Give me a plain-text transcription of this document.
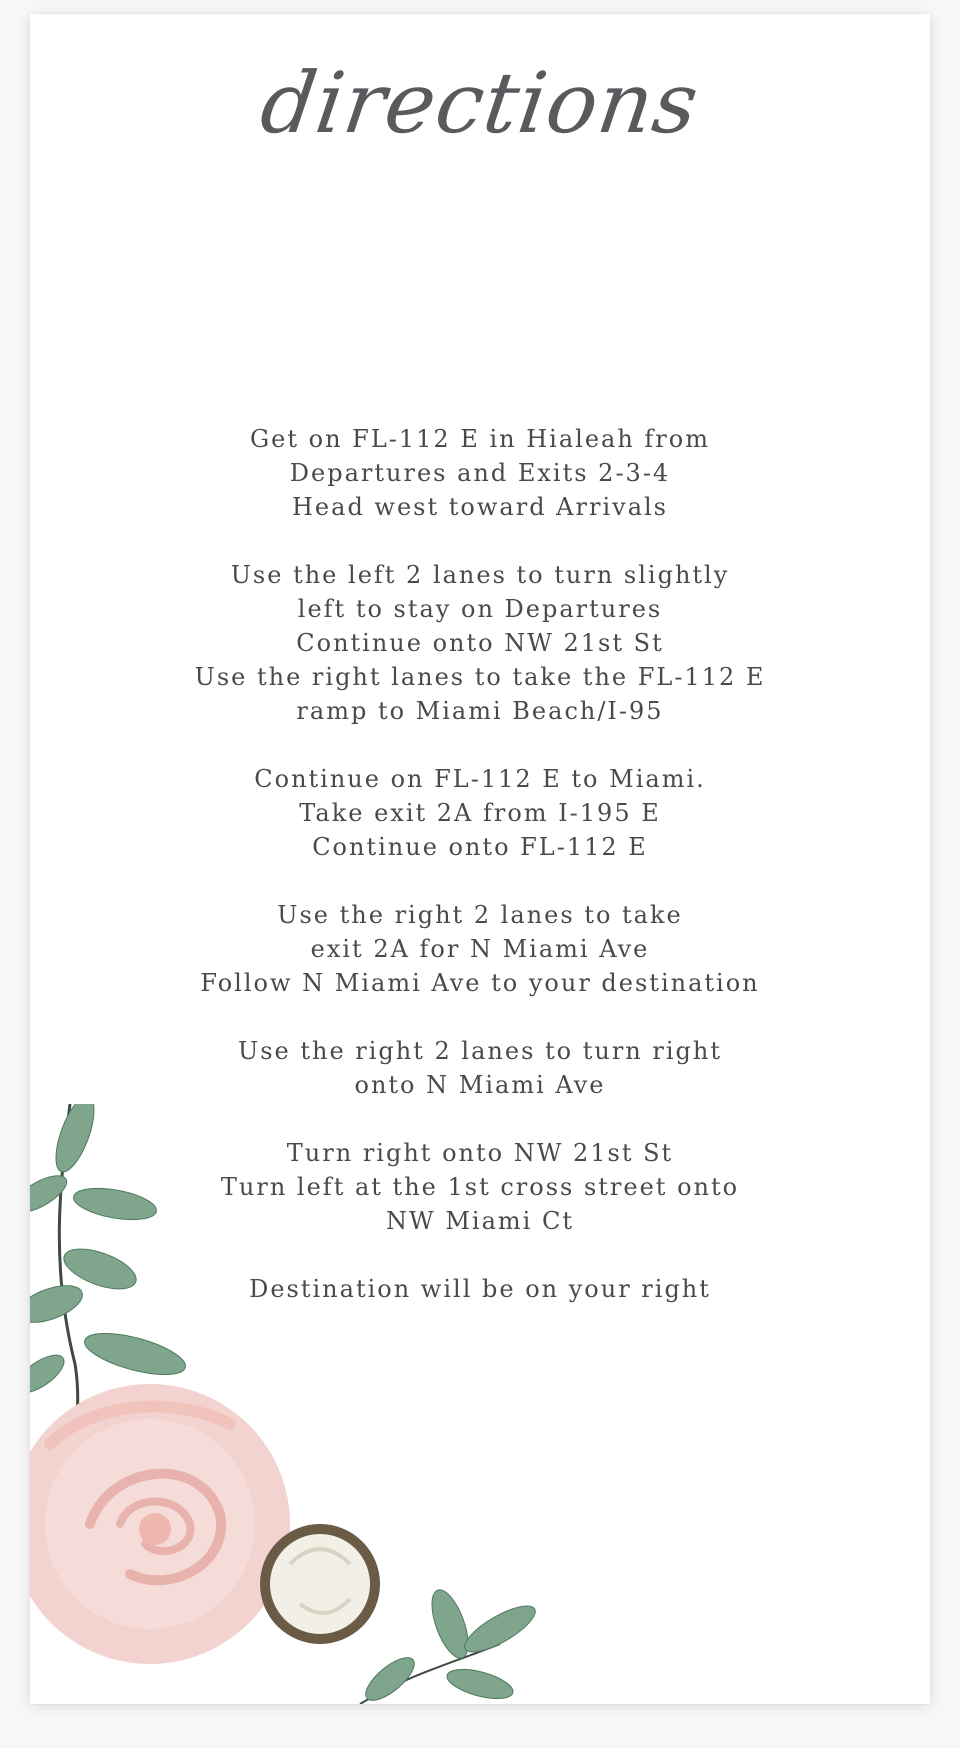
directions
Get on FL-112 E in Hialeah from
Departures and Exits 2-3-4
Head west toward Arrivals
Use the left 2 lanes to turn slightly
left to stay on Departures
Continue onto NW 21st St
Use the right lanes to take the FL-112 E
ramp to Miami Beach/I-95
Continue on FL-112 E to Miami.
Take exit 2A from I-195 E
Continue onto FL-112 E
Use the right 2 lanes to take
exit 2A for N Miami Ave
Follow N Miami Ave to your destination
Use the right 2 lanes to turn right
onto N Miami Ave
Turn right onto NW 21st St
Turn left at the 1st cross street onto
NW Miami Ct
Destination will be on your right
